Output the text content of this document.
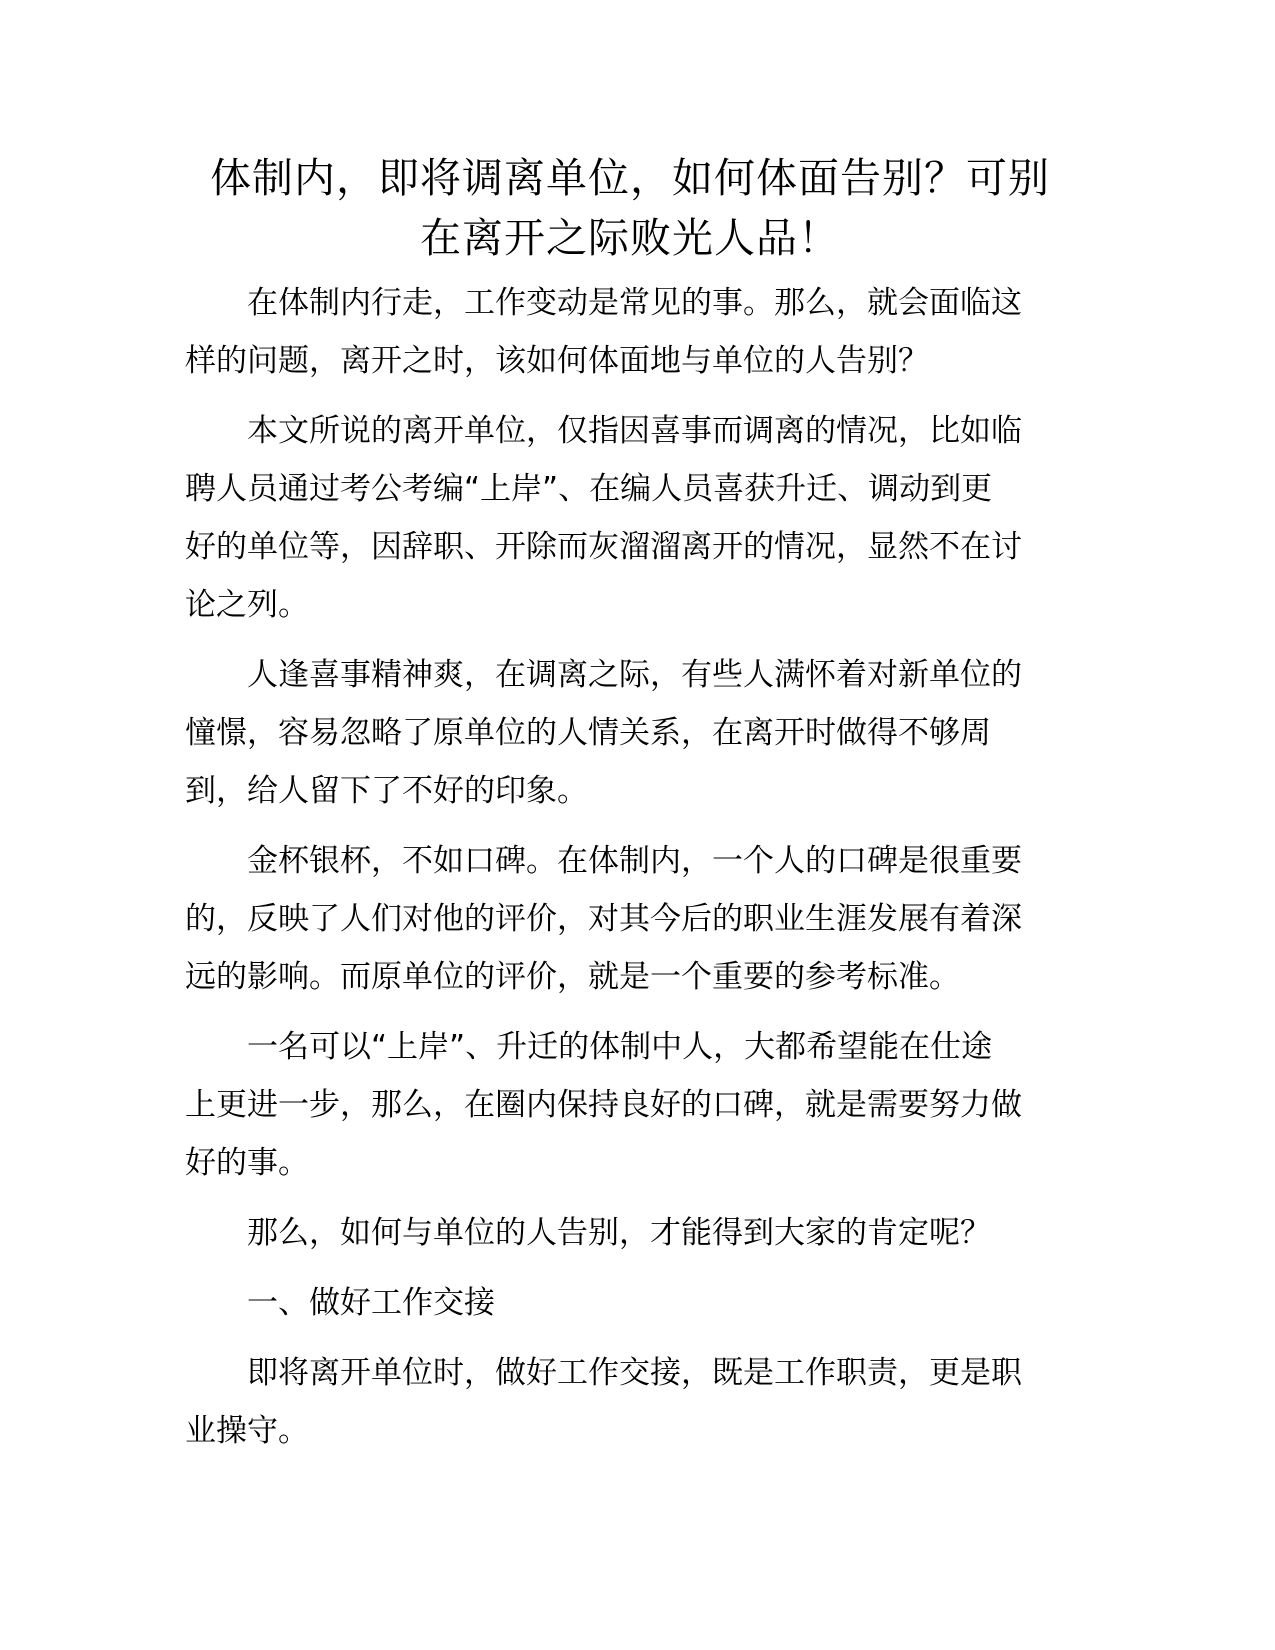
体制内，即将调离单位，如何体面告别？可别
在离开之际败光人品！

在体制内行走，工作变动是常见的事。那么，就会面临这
样的问题，离开之时，该如何体面地与单位的人告别？

本文所说的离开单位，仅指因喜事而调离的情况，比如临
聘人员通过考公考编“上岸”、在编人员喜获升迁、调动到更
好的单位等，因辞职、开除而灰溜溜离开的情况，显然不在讨
论之列。

人逢喜事精神爽，在调离之际，有些人满怀着对新单位的
憧憬，容易忽略了原单位的人情关系，在离开时做得不够周
到，给人留下了不好的印象。

金杯银杯，不如口碑。在体制内，一个人的口碑是很重要
的，反映了人们对他的评价，对其今后的职业生涯发展有着深
远的影响。而原单位的评价，就是一个重要的参考标准。

一名可以“上岸”、升迁的体制中人，大都希望能在仕途
上更进一步，那么，在圈内保持良好的口碑，就是需要努力做
好的事。

那么，如何与单位的人告别，才能得到大家的肯定呢？

一、做好工作交接

即将离开单位时，做好工作交接，既是工作职责，更是职
业操守。
